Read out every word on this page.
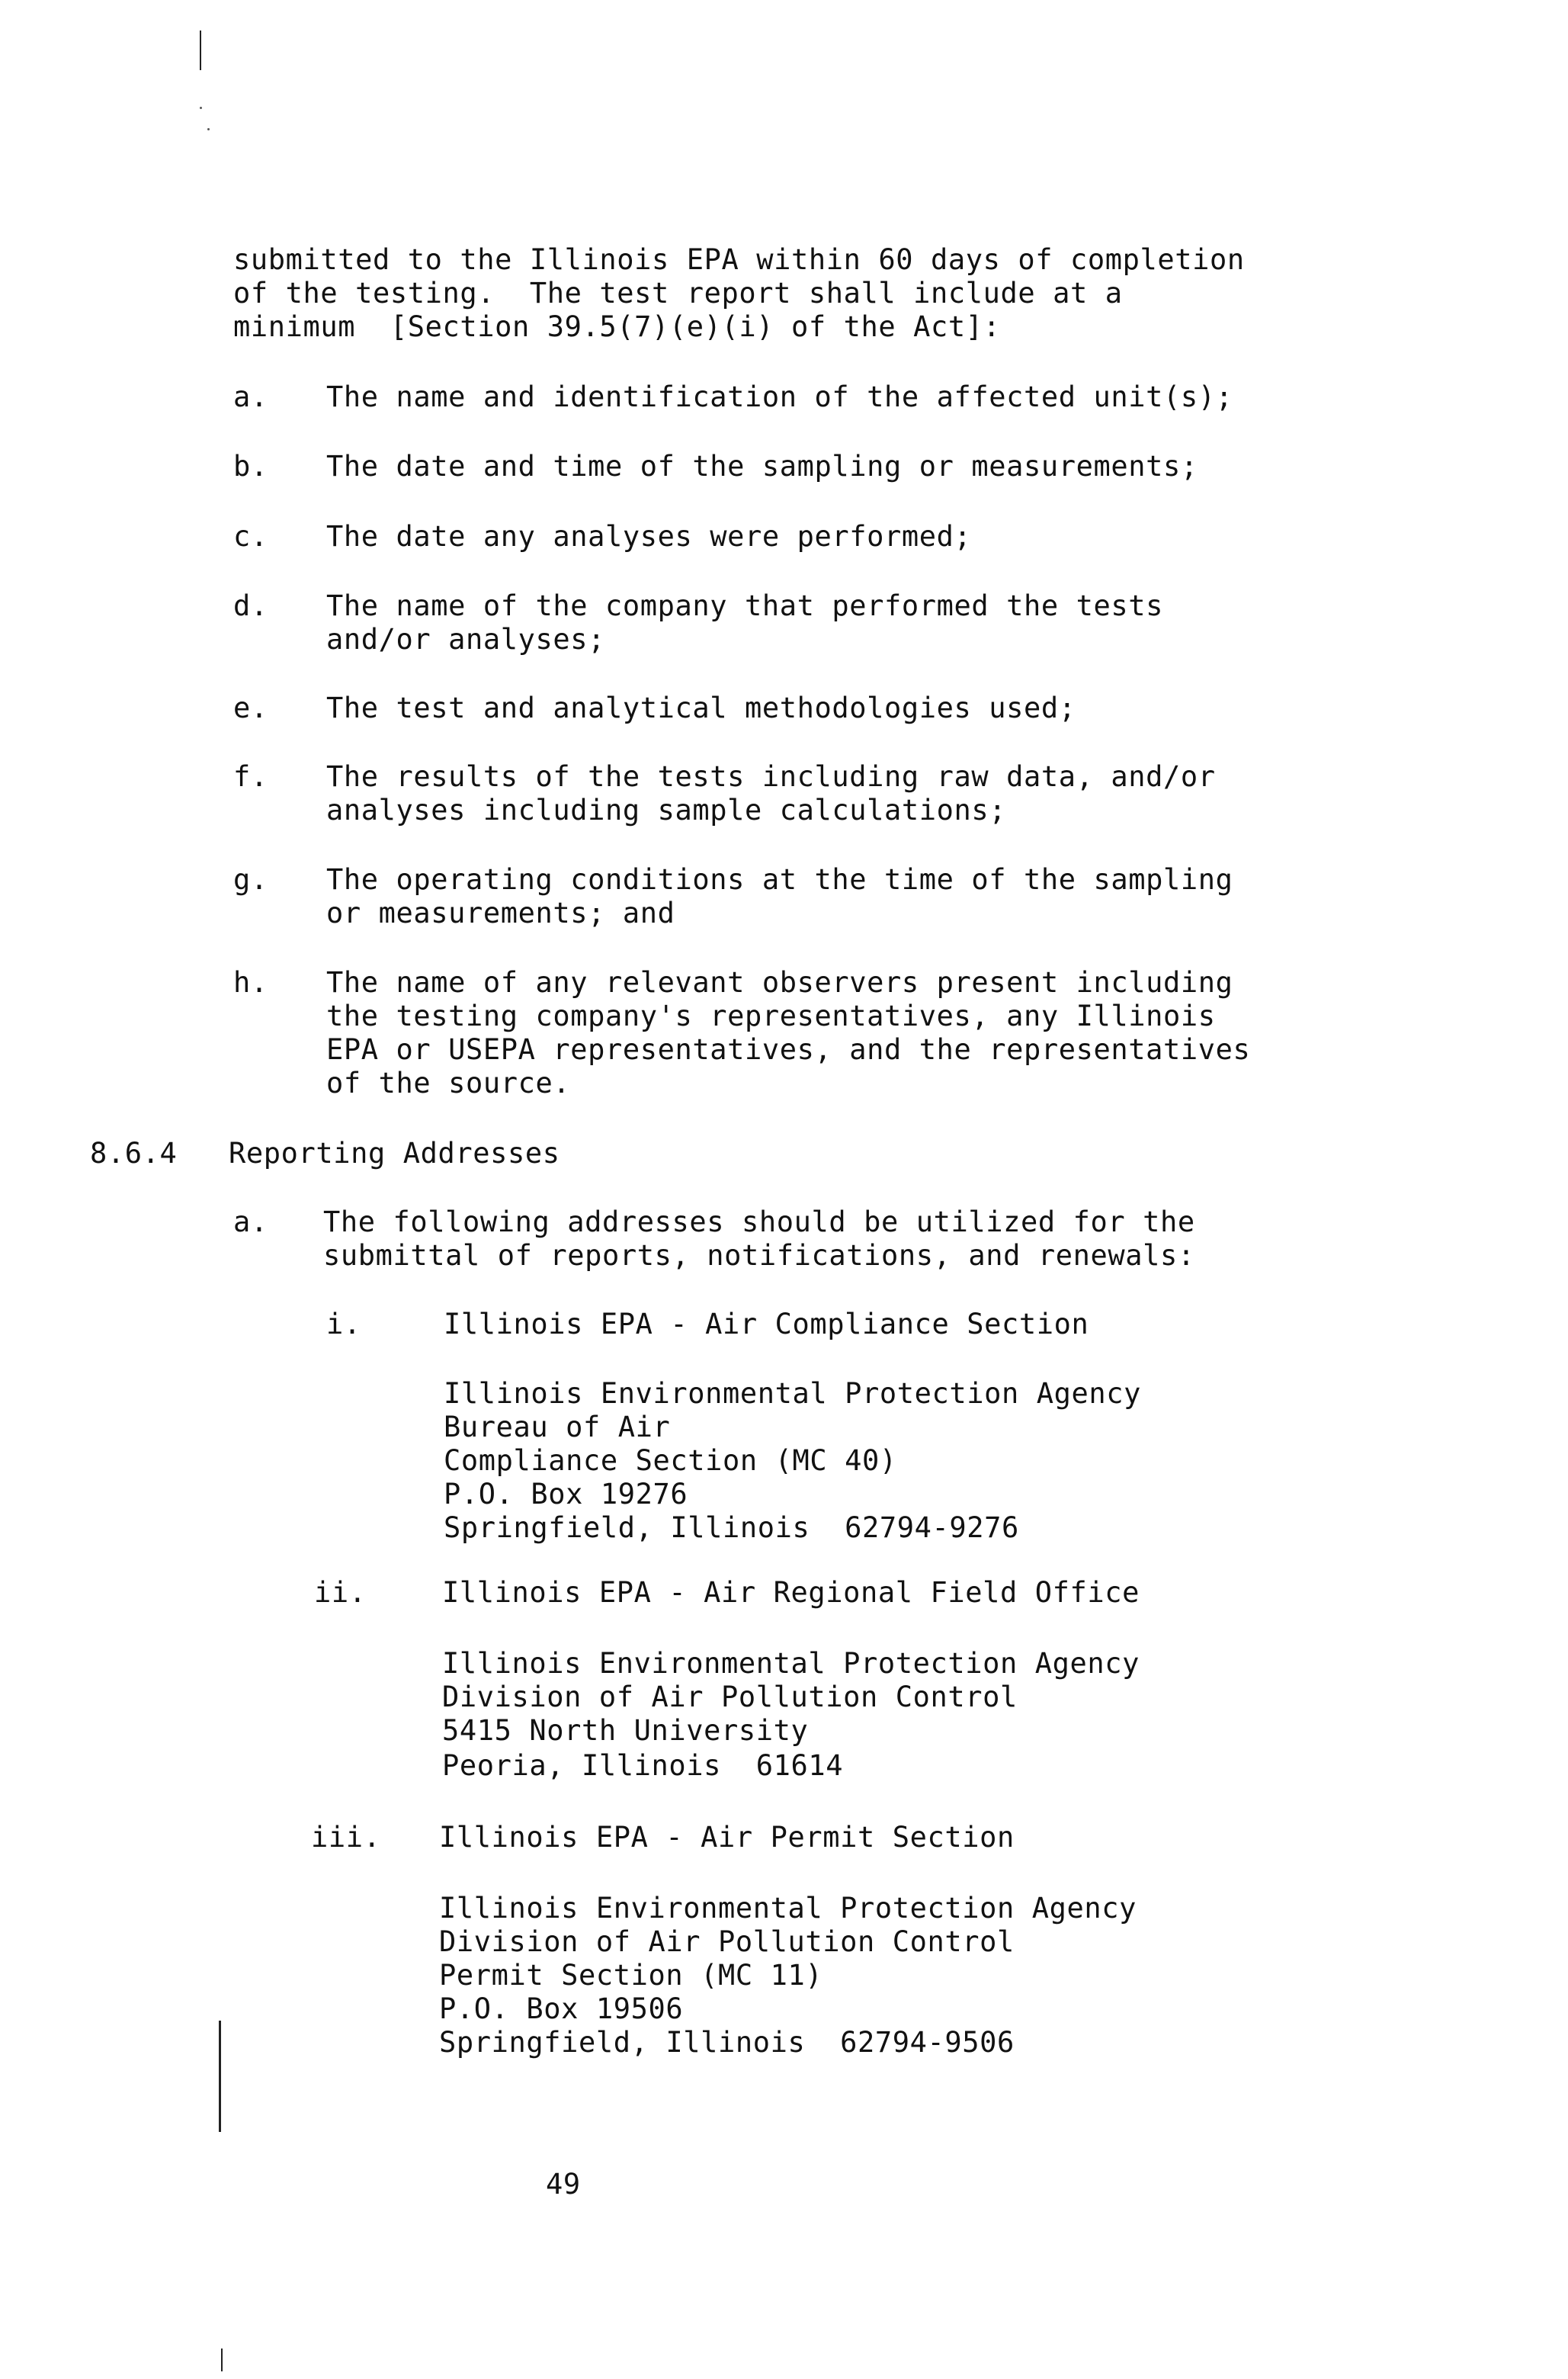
submitted to the Illinois EPA within 60 days of completion
of the testing.  The test report shall include at a
minimum  [Section 39.5(7)(e)(i) of the Act]:
a. The name and identification of the affected unit(s);
b. The date and time of the sampling or measurements;
c. The date any analyses were performed;
d. The name of the company that performed the tests
and/or analyses;
e. The test and analytical methodologies used;
f. The results of the tests including raw data, and/or
analyses including sample calculations;
g. The operating conditions at the time of the sampling
or measurements; and
h. The name of any relevant observers present including
the testing company's representatives, any Illinois
EPA or USEPA representatives, and the representatives
of the source.
8.6.4 Reporting Addresses
a. The following addresses should be utilized for the
submittal of reports, notifications, and renewals:
i.	Illinois EPA - Air Compliance Section
Illinois Environmental Protection Agency
Bureau of Air
Compliance Section (MC 40)
P.O. Box 19276
Springfield, Illinois  62794-9276
ii.	Illinois EPA - Air Regional Field Office
Illinois Environmental Protection Agency
Division of Air Pollution Control
5415 North University
Peoria, Illinois  61614
iii. Illinois EPA - Air Permit Section
Illinois Environmental Protection Agency
Division of Air Pollution Control
Permit Section (MC 11)
P.O. Box 19506
Springfield, Illinois  62794-9506
49
